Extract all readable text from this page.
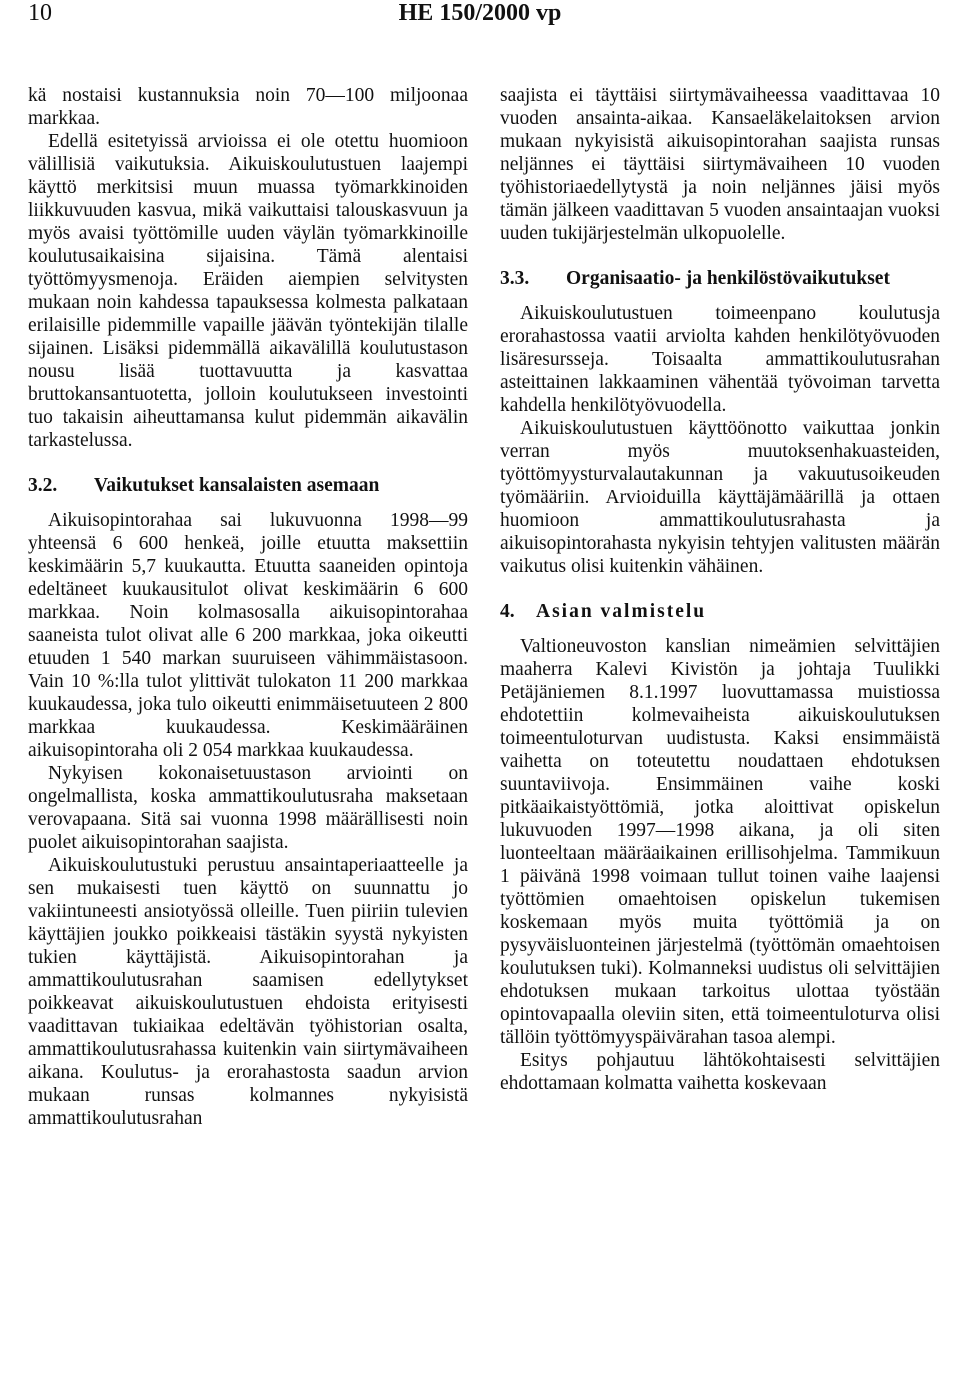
10	HE 150/2000 vp

kä nostaisi kustannuksia noin 70—100 miljoonaa markkaa.

Edellä esitetyissä arvioissa ei ole otettu huomioon välillisiä vaikutuksia. Aikuiskoulutustuen laajempi käyttö merkitsisi muun muassa työmarkkinoiden liikkuvuuden kasvua, mikä vaikuttaisi talouskasvuun ja myös avaisi työttömille uuden väylän työmarkkinoille koulutusaikaisina sijaisina. Tämä alentaisi työttömyysmenoja. Eräiden aiempien selvitysten mukaan noin kahdessa tapauksessa kolmesta palkataan erilaisille pidemmille vapaille jäävän työntekijän tilalle sijainen. Lisäksi pidemmällä aikavälillä koulutustason nousu lisää tuottavuutta ja kasvattaa bruttokansantuotetta, jolloin koulutukseen investointi tuo takaisin aiheuttamansa kulut pidemmän aikavälin tarkastelussa.

3.2.	Vaikutukset kansalaisten asemaan

Aikuisopintorahaa sai lukuvuonna 1998—99 yhteensä 6 600 henkeä, joille etuutta maksettiin keskimäärin 5,7 kuukautta. Etuutta saaneiden opintoja edeltäneet kuukausitulot olivat keskimäärin 6 600 markkaa. Noin kolmasosalla aikuisopintorahaa saaneista tulot olivat alle 6 200 markkaa, joka oikeutti etuuden 1 540 markan suuruiseen vähimmäistasoon. Vain 10 %:lla tulot ylittivät tulokaton 11 200 markkaa kuukaudessa, joka tulo oikeutti enimmäisetuuteen 2 800 markkaa kuukaudessa. Keskimääräinen aikuisopintoraha oli 2 054 markkaa kuukaudessa.

Nykyisen kokonaisetuustason arviointi on ongelmallista, koska ammattikoulutusraha maksetaan verovapaana. Sitä sai vuonna 1998 määrällisesti noin puolet aikuisopintorahan saajista.

Aikuiskoulutustuki perustuu ansaintaperiaatteelle ja sen mukaisesti tuen käyttö on suunnattu jo vakiintuneesti ansiotyössä olleille. Tuen piiriin tulevien käyttäjien joukko poikkeaisi tästäkin syystä nykyisten tukien käyttäjistä. Aikuisopintorahan ja ammattikoulutusrahan saamisen edellytykset poikkeavat aikuiskoulutustuen ehdoista erityisesti vaadittavan tukiaikaa edeltävän työhistorian osalta, ammattikoulutusrahassa kuitenkin vain siirtymävaiheen aikana. Koulutus- ja erorahastosta saadun arvion mukaan runsas kolmannes nykyisistä ammattikoulutusrahan

saajista ei täyttäisi siirtymävaiheessa vaadittavaa 10 vuoden ansainta-aikaa. Kansaeläkelaitoksen arvion mukaan nykyisistä aikuisopintorahan saajista runsas neljännes ei täyttäisi siirtymävaiheen 10 vuoden työhistoriaedellytystä ja noin neljännes jäisi myös tämän jälkeen vaadittavan 5 vuoden ansaintaajan vuoksi uuden tukijärjestelmän ulkopuolelle.

3.3.	Organisaatio- ja henkilöstövaikutukset

Aikuiskoulutustuen toimeenpano koulutusja erorahastossa vaatii arviolta kahden henkilötyövuoden lisäresursseja. Toisaalta ammattikoulutusrahan asteittainen lakkaaminen vähentää työvoiman tarvetta kahdella henkilötyövuodella.

Aikuiskoulutustuen käyttöönotto vaikuttaa jonkin verran myös muutoksenhakuasteiden, työttömyysturvalautakunnan ja vakuutusoikeuden työmääriin. Arvioiduilla käyttäjämäärillä ja ottaen huomioon ammattikoulutusrahasta ja aikuisopintorahasta nykyisin tehtyjen valitusten määrän vaikutus olisi kuitenkin vähäinen.

4.	Asian valmistelu

Valtioneuvoston kanslian nimeämien selvittäjien maaherra Kalevi Kivistön ja johtaja Tuulikki Petäjäniemen 8.1.1997 luovuttamassa muistiossa ehdotettiin kolmevaiheista aikuiskoulutuksen toimeentuloturvan uudistusta. Kaksi ensimmäistä vaihetta on toteutettu noudattaen ehdotuksen suuntaviivoja. Ensimmäinen vaihe koski pitkäaikaistyöttömiä, jotka aloittivat opiskelun lukuvuoden 1997—1998 aikana, ja oli siten luonteeltaan määräaikainen erillisohjelma. Tammikuun 1 päivänä 1998 voimaan tullut toinen vaihe laajensi työttömien omaehtoisen opiskelun tukemisen koskemaan myös muita työttömiä ja on pysyväisluonteinen järjestelmä (työttömän omaehtoisen koulutuksen tuki). Kolmanneksi uudistus oli selvittäjien ehdotuksen mukaan tarkoitus ulottaa työstään opintovapaalla oleviin siten, että toimeentuloturva olisi tällöin työttömyyspäivärahan tasoa alempi.

Esitys pohjautuu lähtökohtaisesti selvittäjien ehdottamaan kolmatta vaihetta koskevaan
